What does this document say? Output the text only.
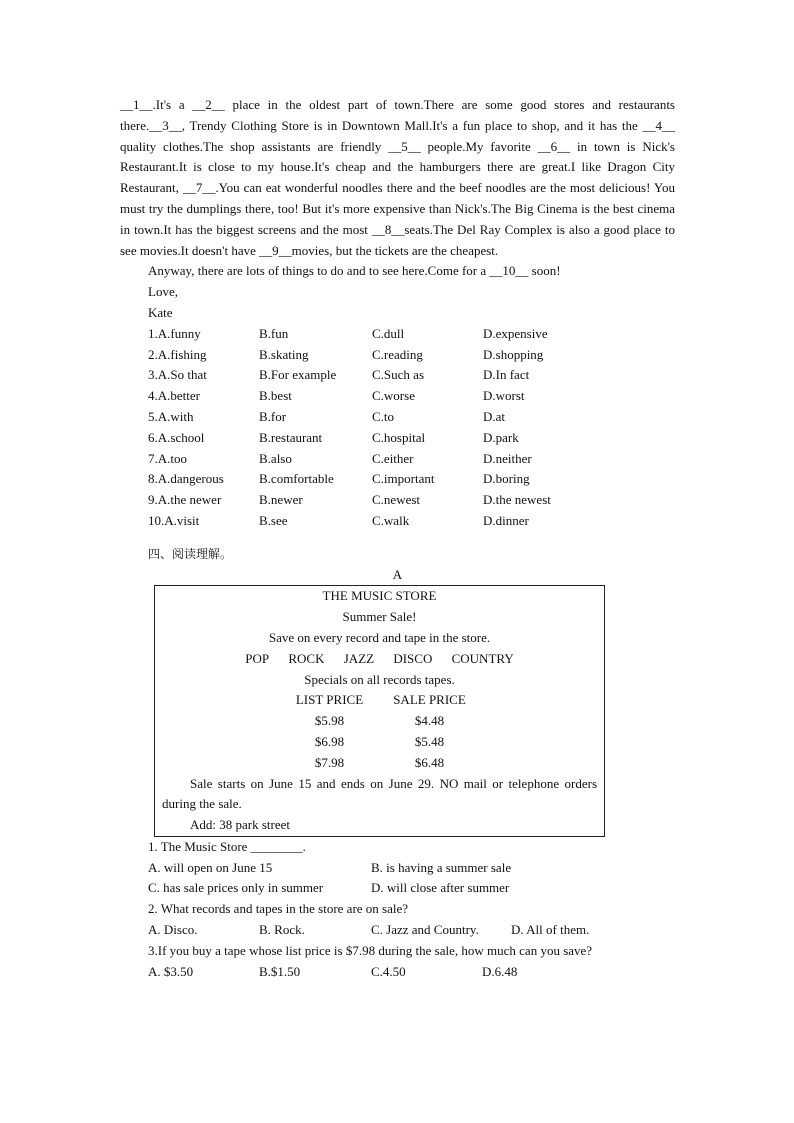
__1__.It's a __2__ place in the oldest part of town.There are some good stores and restaurants there.__3__, Trendy Clothing Store is in Downtown Mall.It's a fun place to shop, and it has the __4__ quality clothes.The shop assistants are friendly __5__ people.My favorite __6__ in town is Nick's Restaurant.It is close to my house.It's cheap and the hamburgers there are great.I like Dragon City Restaurant, __7__.You can eat wonderful noodles there and the beef noodles are the most delicious! You must try the dumplings there, too! But it's more expensive than Nick's.The Big Cinema is the best cinema in town.It has the biggest screens and the most __8__seats.The Del Ray Complex is also a good place to see movies.It doesn't have __9__movies, but the tickets are the cheapest.

Anyway, there are lots of things to do and to see here.Come for a __10__ soon!
Love,
Kate
1.A.funny	B.fun	C.dull	D.expensive
2.A.fishing	B.skating	C.reading	D.shopping
3.A.So that	B.For example	C.Such as	D.In fact
4.A.better	B.best	C.worse	D.worst
5.A.with	B.for	C.to	D.at
6.A.school	B.restaurant	C.hospital	D.park
7.A.too	B.also	C.either	D.neither
8.A.dangerous	B.comfortable	C.important	D.boring
9.A.the newer	B.newer	C.newest	D.the newest
10.A.visit	B.see	C.walk	D.dinner
四、阅读理解。
A
THE MUSIC STORE
Summer Sale!
Save on every record and tape in the store.
POP ROCK JAZZ DISCO COUNTRY
Specials on all records tapes.
LIST PRICE	SALE PRICE
$5.98	$4.48
$6.98	$5.48
$7.98	$6.48
Sale starts on June 15 and ends on June 29. NO mail or telephone orders during the sale.
Add: 38 park street
1. The Music Store ________.
A. will open on June 15	B. is having a summer sale
C. has sale prices only in summer	D. will close after summer
2. What records and tapes in the store are on sale?
A. Disco.	B. Rock.	C. Jazz and Country.	D. All of them.
3.If you buy a tape whose list price is $7.98 during the sale, how much can you save?
A. $3.50	B.$1.50	C.4.50	D.6.48
